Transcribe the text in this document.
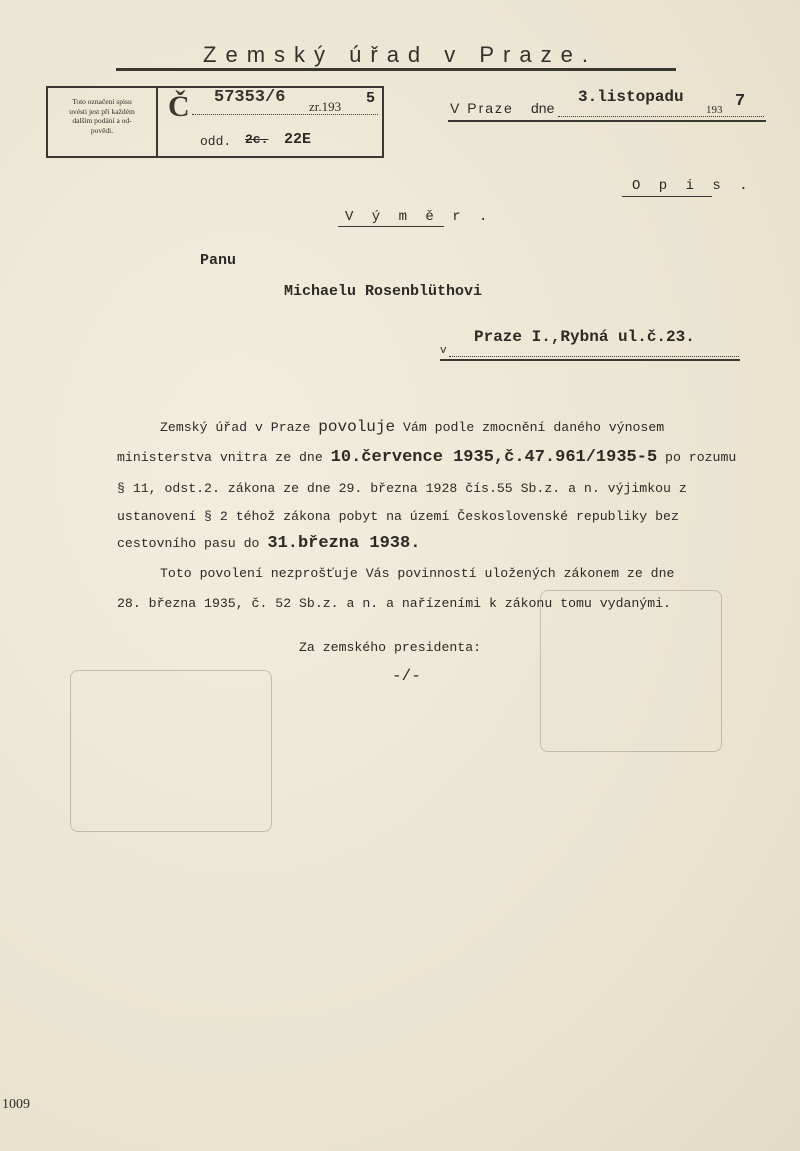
Zemský úřad v Praze.
Toto označení spisu
uvésti jest při každém
dalším podání a od-
povědi.
Č 57353/6 zr.193 5
odd. 2c. 22E
V Praze dne
3.listopadu
193 7
O p i s .
V ý m ě r .
Panu
Michaelu Rosenblüthovi
Praze I.,Rybná ul.č.23.
v
Zemský úřad v Praze povoluje Vám podle zmocnění daného výnosem
ministerstva vnitra ze dne 10.července 1935,č.47.961/1935-5 po rozumu
§ 11, odst.2. zákona ze dne 29. března 1928 čís.55 Sb.z. a n. výjimkou z
ustanovení § 2 téhož zákona pobyt na území Československé republiky bez
cestovního pasu do 31.března 1938.
Toto povolení nezprošťuje Vás povinností uložených zákonem ze dne
28. března 1935, č. 52 Sb.z. a n. a nařízeními k zákonu tomu vydanými.
Za zemského presidenta:
-/-
1009
